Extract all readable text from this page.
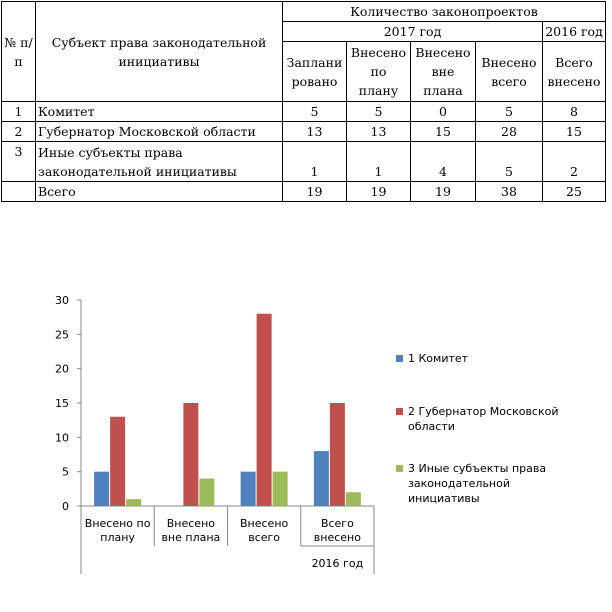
№ п/п	Субъект права законодательной инициативы	Количество законопроектов				
		2017 год				2016 год
		Заплани рованo	Внесено по плану	Внесено вне плана	Внесено всего	Всего внесено
1	Комитет	5	5	0	5	8
2	Губернатор Московской области	13	13	15	28	15
3	Иные субъекты права
законодательной инициативы	1	1	4	5	2
	Всего	19	19	19	38	25
0
5
10
15
20
25
30
Внесено по
плану
Внесено
вне плана
Внесено
всего
Всего
внесено
2016 год
1 Комитет
2 Губернатор Московской
области
3 Иные субъекты права
законодательной
инициативы
